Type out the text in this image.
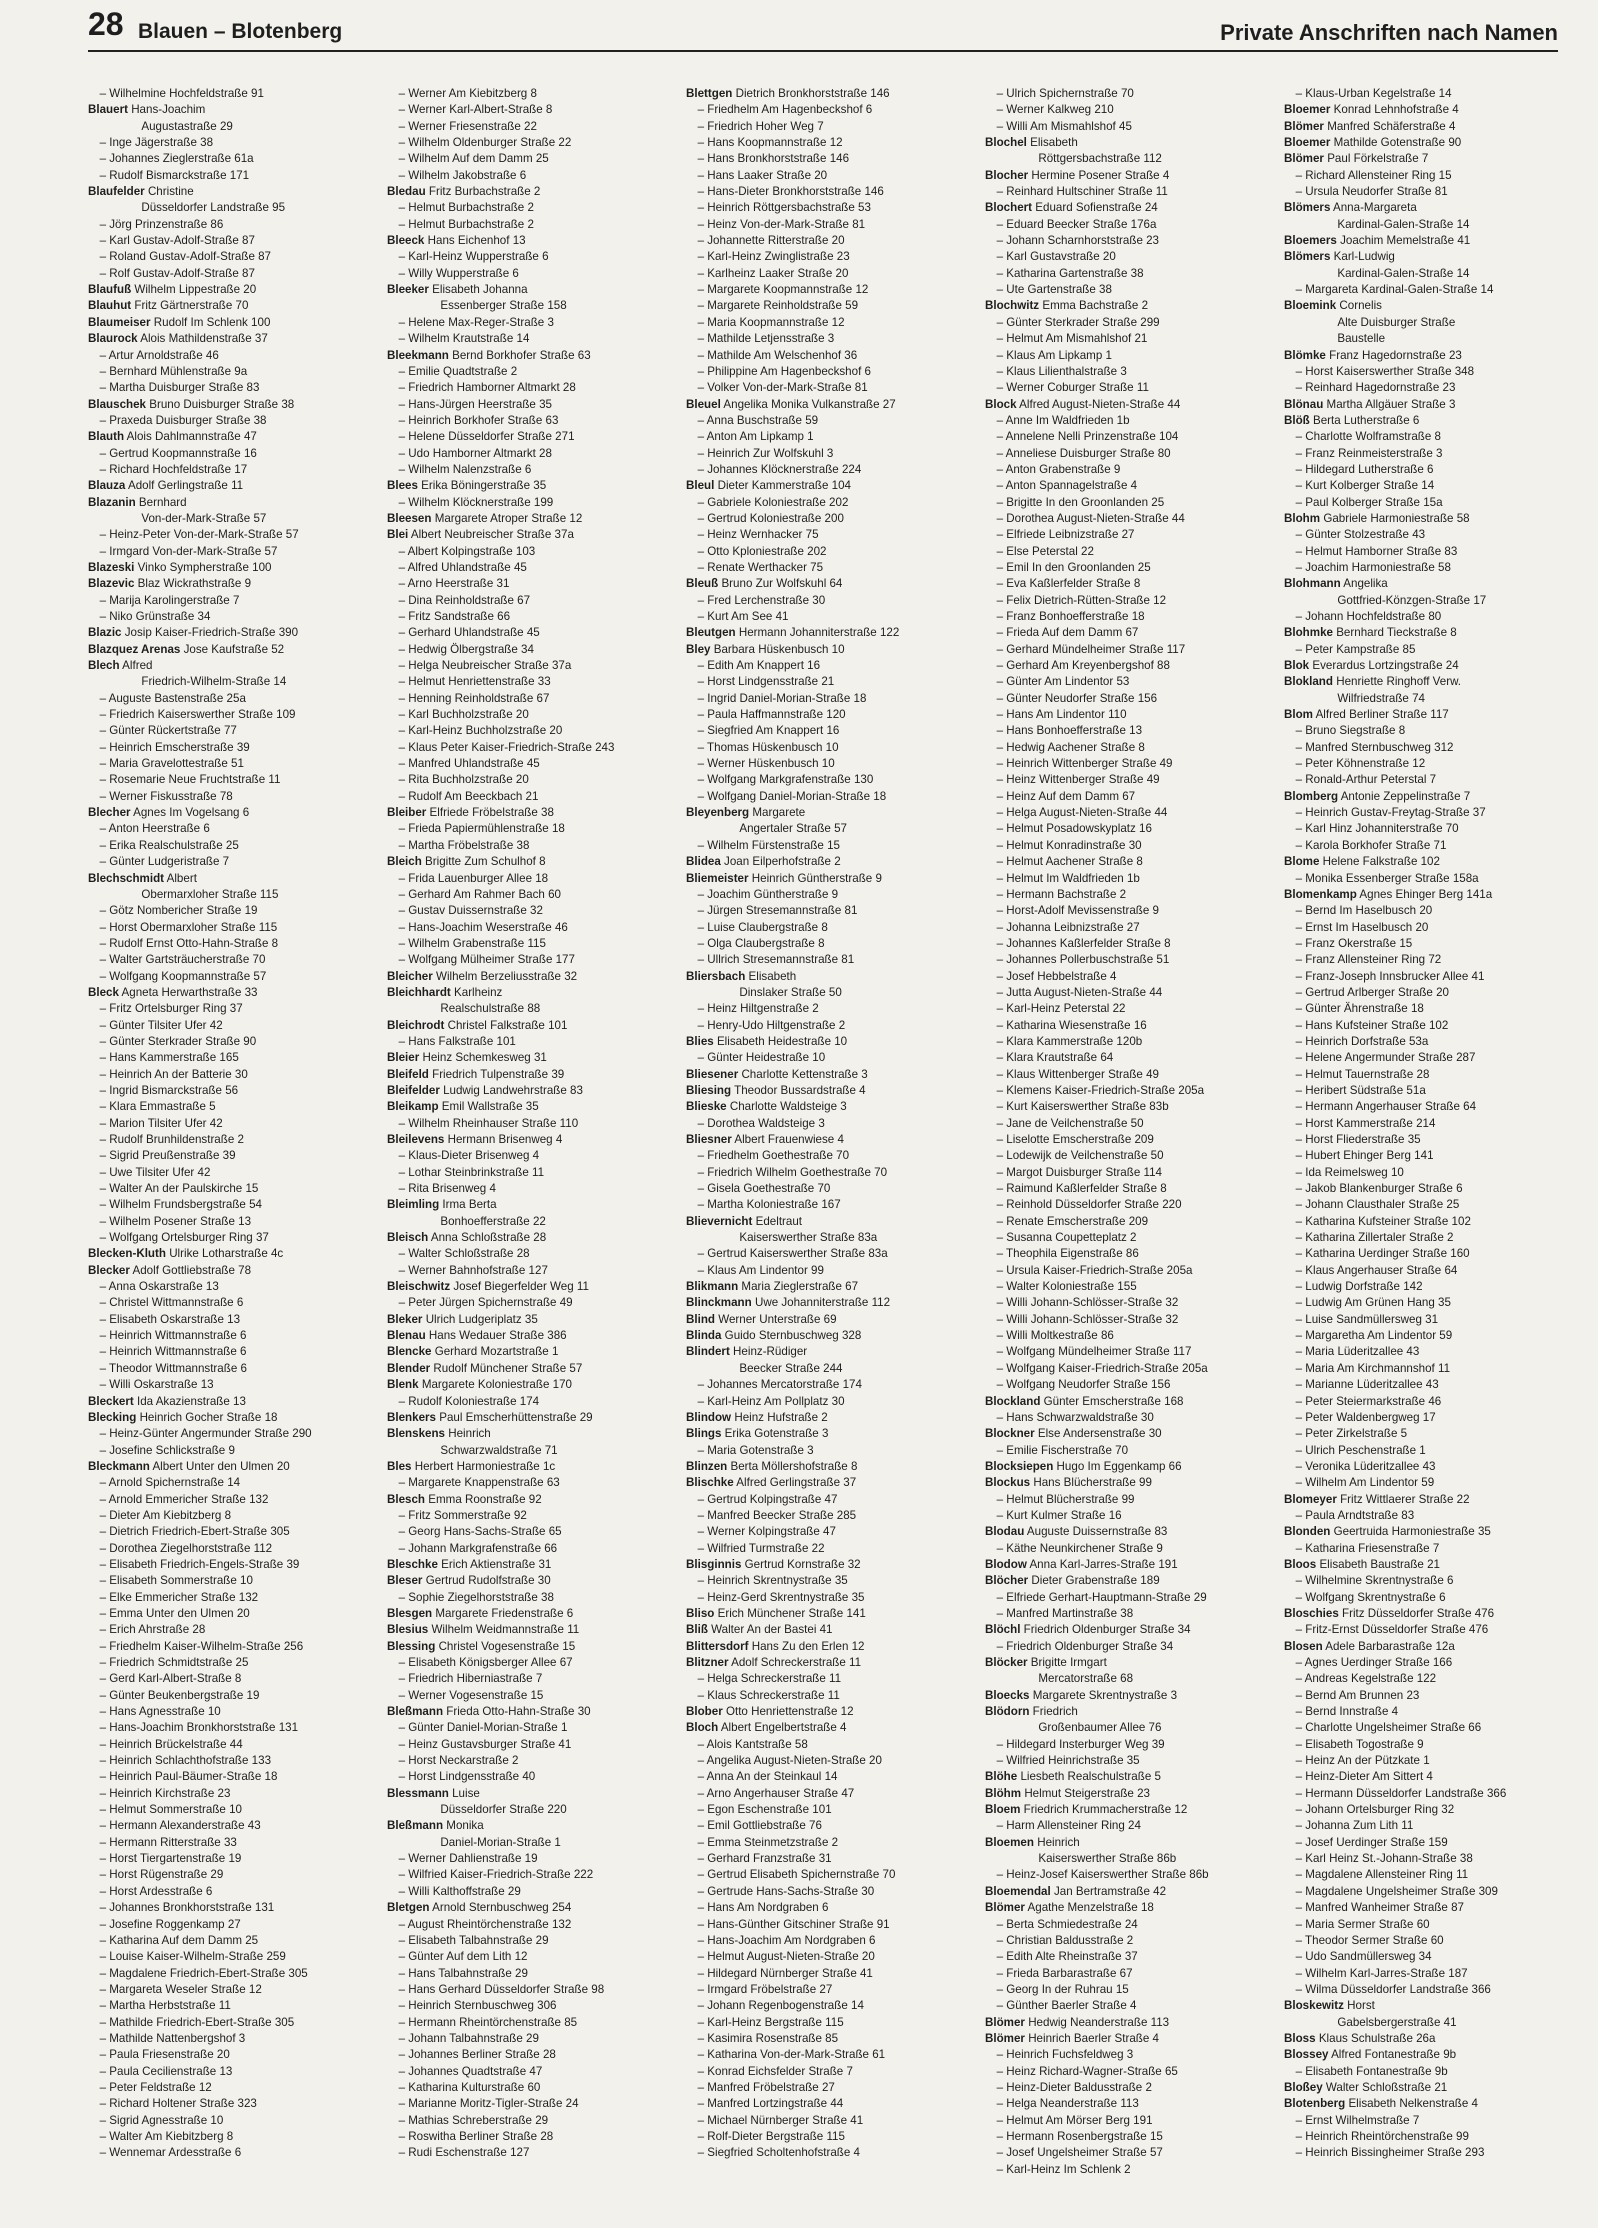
28 Blauen – Blotenberg	Private Anschriften nach Namen

– Wilhelmine Hochfeldstraße 91

Blauert Hans-Joachim

Augustastraße 29

– Inge Jägerstraße 38

– Johannes Zieglerstraße 61a

– Rudolf Bismarckstraße 171

Blaufelder Christine

Düsseldorfer Landstraße 95

– Jörg Prinzenstraße 86

– Karl Gustav-Adolf-Straße 87

– Roland Gustav-Adolf-Straße 87

– Rolf Gustav-Adolf-Straße 87

Blaufuß Wilhelm Lippestraße 20

Blauhut Fritz Gärtnerstraße 70

Blaumeiser Rudolf Im Schlenk 100

Blaurock Alois Mathildenstraße 37

– Artur Arnoldstraße 46

– Bernhard Mühlenstraße 9a

– Martha Duisburger Straße 83

Blauschek Bruno Duisburger Straße 38

– Praxeda Duisburger Straße 38

Blauth Alois Dahlmannstraße 47

– Gertrud Koopmannstraße 16

– Richard Hochfeldstraße 17

Blauza Adolf Gerlingstraße 11

Blazanin Bernhard

Von-der-Mark-Straße 57

– Heinz-Peter Von-der-Mark-Straße 57

– Irmgard Von-der-Mark-Straße 57

Blazeski Vinko Sympherstraße 100

Blazevic Blaz Wickrathstraße 9

– Marija Karolingerstraße 7

– Niko Grünstraße 34

Blazic Josip Kaiser-Friedrich-Straße 390

Blazquez Arenas Jose Kaufstraße 52

Blech Alfred

Friedrich-Wilhelm-Straße 14

– Auguste Bastenstraße 25a

– Friedrich Kaiserswerther Straße 109

– Günter Rückertstraße 77

– Heinrich Emscherstraße 39

– Maria Gravelottestraße 51

– Rosemarie Neue Fruchtstraße 11

– Werner Fiskusstraße 78

Blecher Agnes Im Vogelsang 6

– Anton Heerstraße 6

– Erika Realschulstraße 25

– Günter Ludgeristraße 7

Blechschmidt Albert

Obermarxloher Straße 115

– Götz Nombericher Straße 19

– Horst Obermarxloher Straße 115

– Rudolf Ernst Otto-Hahn-Straße 8

– Walter Gartsträucherstraße 70

– Wolfgang Koopmannstraße 57

Bleck Agneta Herwarthstraße 33

– Fritz Ortelsburger Ring 37

– Günter Tilsiter Ufer 42

– Günter Sterkrader Straße 90

– Hans Kammerstraße 165

– Heinrich An der Batterie 30

– Ingrid Bismarckstraße 56

– Klara Emmastraße 5

– Marion Tilsiter Ufer 42

– Rudolf Brunhildenstraße 2

– Sigrid Preußenstraße 39

– Uwe Tilsiter Ufer 42

– Walter An der Paulskirche 15

– Wilhelm Frundsbergstraße 54

– Wilhelm Posener Straße 13

– Wolfgang Ortelsburger Ring 37

Blecken-Kluth Ulrike Lotharstraße 4c

Blecker Adolf Gottliebstraße 78

– Anna Oskarstraße 13

– Christel Wittmannstraße 6

– Elisabeth Oskarstraße 13

– Heinrich Wittmannstraße 6

– Heinrich Wittmannstraße 6

– Theodor Wittmannstraße 6

– Willi Oskarstraße 13

Bleckert Ida Akazienstraße 13

Blecking Heinrich Gocher Straße 18

– Heinz-Günter Angermunder Straße 290

– Josefine Schlickstraße 9

Bleckmann Albert Unter den Ulmen 20

– Arnold Spichernstraße 14

– Arnold Emmericher Straße 132

– Dieter Am Kiebitzberg 8

– Dietrich Friedrich-Ebert-Straße 305

– Dorothea Ziegelhorststraße 112

– Elisabeth Friedrich-Engels-Straße 39

– Elisabeth Sommerstraße 10

– Elke Emmericher Straße 132

– Emma Unter den Ulmen 20

– Erich Ahrstraße 28

– Friedhelm Kaiser-Wilhelm-Straße 256

– Friedrich Schmidtstraße 25

– Gerd Karl-Albert-Straße 8

– Günter Beukenbergstraße 19

– Hans Agnesstraße 10

– Hans-Joachim Bronkhorststraße 131

– Heinrich Brückelstraße 44

– Heinrich Schlachthofstraße 133

– Heinrich Paul-Bäumer-Straße 18

– Heinrich Kirchstraße 23

– Helmut Sommerstraße 10

– Hermann Alexanderstraße 43

– Hermann Ritterstraße 33

– Horst Tiergartenstraße 19

– Horst Rügenstraße 29

– Horst Ardesstraße 6

– Johannes Bronkhorststraße 131

– Josefine Roggenkamp 27

– Katharina Auf dem Damm 25

– Louise Kaiser-Wilhelm-Straße 259

– Magdalene Friedrich-Ebert-Straße 305

– Margareta Weseler Straße 12

– Martha Herbststraße 11

– Mathilde Friedrich-Ebert-Straße 305

– Mathilde Nattenbergshof 3

– Paula Friesenstraße 20

– Paula Cecilienstraße 13

– Peter Feldstraße 12

– Richard Holtener Straße 323

– Sigrid Agnesstraße 10

– Walter Am Kiebitzberg 8

– Wennemar Ardesstraße 6

– Werner Am Kiebitzberg 8

– Werner Karl-Albert-Straße 8

– Werner Friesenstraße 22

– Wilhelm Oldenburger Straße 22

– Wilhelm Auf dem Damm 25

– Wilhelm Jakobstraße 6

Bledau Fritz Burbachstraße 2

– Helmut Burbachstraße 2

– Helmut Burbachstraße 2

Bleeck Hans Eichenhof 13

– Karl-Heinz Wupperstraße 6

– Willy Wupperstraße 6

Bleeker Elisabeth Johanna

Essenberger Straße 158

– Helene Max-Reger-Straße 3

– Wilhelm Krautstraße 14

Bleekmann Bernd Borkhofer Straße 63

– Emilie Quadtstraße 2

– Friedrich Hamborner Altmarkt 28

– Hans-Jürgen Heerstraße 35

– Heinrich Borkhofer Straße 63

– Helene Düsseldorfer Straße 271

– Udo Hamborner Altmarkt 28

– Wilhelm Nalenzstraße 6

Blees Erika Böningerstraße 35

– Wilhelm Klöcknerstraße 199

Bleesen Margarete Atroper Straße 12

Blei Albert Neubreischer Straße 37a

– Albert Kolpingstraße 103

– Alfred Uhlandstraße 45

– Arno Heerstraße 31

– Dina Reinholdstraße 67

– Fritz Sandstraße 66

– Gerhard Uhlandstraße 45

– Hedwig Ölbergstraße 34

– Helga Neubreischer Straße 37a

– Helmut Henriettenstraße 33

– Henning Reinholdstraße 67

– Karl Buchholzstraße 20

– Karl-Heinz Buchholzstraße 20

– Klaus Peter Kaiser-Friedrich-Straße 243

– Manfred Uhlandstraße 45

– Rita Buchholzstraße 20

– Rudolf Am Beeckbach 21

Bleiber Elfriede Fröbelstraße 38

– Frieda Papiermühlenstraße 18

– Martha Fröbelstraße 38

Bleich Brigitte Zum Schulhof 8

– Frida Lauenburger Allee 18

– Gerhard Am Rahmer Bach 60

– Gustav Duissernstraße 32

– Hans-Joachim Weserstraße 46

– Wilhelm Grabenstraße 115

– Wolfgang Mülheimer Straße 177

Bleicher Wilhelm Berzeliusstraße 32

Bleichhardt Karlheinz

Realschulstraße 88

Bleichrodt Christel Falkstraße 101

– Hans Falkstraße 101

Bleier Heinz Schemkesweg 31

Bleifeld Friedrich Tulpenstraße 39

Bleifelder Ludwig Landwehrstraße 83

Bleikamp Emil Wallstraße 35

– Wilhelm Rheinhauser Straße 110

Bleilevens Hermann Brisenweg 4

– Klaus-Dieter Brisenweg 4

– Lothar Steinbrinkstraße 11

– Rita Brisenweg 4

Bleimling Irma Berta

Bonhoefferstraße 22

Bleisch Anna Schloßstraße 28

– Walter Schloßstraße 28

– Werner Bahnhofstraße 127

Bleischwitz Josef Biegerfelder Weg 11

– Peter Jürgen Spichernstraße 49

Bleker Ulrich Ludgeriplatz 35

Blenau Hans Wedauer Straße 386

Blencke Gerhard Mozartstraße 1

Blender Rudolf Münchener Straße 57

Blenk Margarete Koloniestraße 170

– Rudolf Koloniestraße 174

Blenkers Paul Emscherhüttenstraße 29

Blenskens Heinrich

Schwarzwaldstraße 71

Bles Herbert Harmoniestraße 1c

– Margarete Knappenstraße 63

Blesch Emma Roonstraße 92

– Fritz Sommerstraße 92

– Georg Hans-Sachs-Straße 65

– Johann Markgrafenstraße 66

Bleschke Erich Aktienstraße 31

Bleser Gertrud Rudolfstraße 30

– Sophie Ziegelhorststraße 38

Blesgen Margarete Friedenstraße 6

Blesius Wilhelm Weidmannstraße 11

Blessing Christel Vogesenstraße 15

– Elisabeth Königsberger Allee 67

– Friedrich Hiberniastraße 7

– Werner Vogesenstraße 15

Bleßmann Frieda Otto-Hahn-Straße 30

– Günter Daniel-Morian-Straße 1

– Heinz Gustavsburger Straße 41

– Horst Neckarstraße 2

– Horst Lindgensstraße 40

Blessmann Luise

Düsseldorfer Straße 220

Bleßmann Monika

Daniel-Morian-Straße 1

– Werner Dahlienstraße 19

– Wilfried Kaiser-Friedrich-Straße 222

– Willi Kalthoffstraße 29

Bletgen Arnold Sternbuschweg 254

– August Rheintörchenstraße 132

– Elisabeth Talbahnstraße 29

– Günter Auf dem Lith 12

– Hans Talbahnstraße 29

– Hans Gerhard Düsseldorfer Straße 98

– Heinrich Sternbuschweg 306

– Hermann Rheintörchenstraße 85

– Johann Talbahnstraße 29

– Johannes Berliner Straße 28

– Johannes Quadtstraße 47

– Katharina Kulturstraße 60

– Marianne Moritz-Tigler-Straße 24

– Mathias Schreberstraße 29

– Roswitha Berliner Straße 28

– Rudi Eschenstraße 127

Blettgen Dietrich Bronkhorststraße 146

– Friedhelm Am Hagenbeckshof 6

– Friedrich Hoher Weg 7

– Hans Koopmannstraße 12

– Hans Bronkhorststraße 146

– Hans Laaker Straße 20

– Hans-Dieter Bronkhorststraße 146

– Heinrich Röttgersbachstraße 53

– Heinz Von-der-Mark-Straße 81

– Johannette Ritterstraße 20

– Karl-Heinz Zwinglistraße 23

– Karlheinz Laaker Straße 20

– Margarete Koopmannstraße 12

– Margarete Reinholdstraße 59

– Maria Koopmannstraße 12

– Mathilde Letjensstraße 3

– Mathilde Am Welschenhof 36

– Philippine Am Hagenbeckshof 6

– Volker Von-der-Mark-Straße 81

Bleuel Angelika Monika Vulkanstraße 27

– Anna Buschstraße 59

– Anton Am Lipkamp 1

– Heinrich Zur Wolfskuhl 3

– Johannes Klöcknerstraße 224

Bleul Dieter Kammerstraße 104

– Gabriele Koloniestraße 202

– Gertrud Koloniestraße 200

– Heinz Wernhacker 75

– Otto Kploniestraße 202

– Renate Werthacker 75

Bleuß Bruno Zur Wolfskuhl 64

– Fred Lerchenstraße 30

– Kurt Am See 41

Bleutgen Hermann Johanniterstraße 122

Bley Barbara Hüskenbusch 10

– Edith Am Knappert 16

– Horst Lindgensstraße 21

– Ingrid Daniel-Morian-Straße 18

– Paula Haffmannstraße 120

– Siegfried Am Knappert 16

– Thomas Hüskenbusch 10

– Werner Hüskenbusch 10

– Wolfgang Markgrafenstraße 130

– Wolfgang Daniel-Morian-Straße 18

Bleyenberg Margarete

Angertaler Straße 57

– Wilhelm Fürstenstraße 15

Blidea Joan Eilperhofstraße 2

Bliemeister Heinrich Güntherstraße 9

– Joachim Güntherstraße 9

– Jürgen Stresemannstraße 81

– Luise Claubergstraße 8

– Olga Claubergstraße 8

– Ullrich Stresemannstraße 81

Bliersbach Elisabeth

Dinslaker Straße 50

– Heinz Hiltgenstraße 2

– Henry-Udo Hiltgenstraße 2

Blies Elisabeth Heidestraße 10

– Günter Heidestraße 10

Bliesener Charlotte Kettenstraße 3

Bliesing Theodor Bussardstraße 4

Blieske Charlotte Waldsteige 3

– Dorothea Waldsteige 3

Bliesner Albert Frauenwiese 4

– Friedhelm Goethestraße 70

– Friedrich Wilhelm Goethestraße 70

– Gisela Goethestraße 70

– Martha Koloniestraße 167

Blievernicht Edeltraut

Kaiserswerther Straße 83a

– Gertrud Kaiserswerther Straße 83a

– Klaus Am Lindentor 99

Blikmann Maria Zieglerstraße 67

Blinckmann Uwe Johanniterstraße 112

Blind Werner Unterstraße 69

Blinda Guido Sternbuschweg 328

Blindert Heinz-Rüdiger

Beecker Straße 244

– Johannes Mercatorstraße 174

– Karl-Heinz Am Pollplatz 30

Blindow Heinz Hufstraße 2

Blings Erika Gotenstraße 3

– Maria Gotenstraße 3

Blinzen Berta Möllershofstraße 8

Blischke Alfred Gerlingstraße 37

– Gertrud Kolpingstraße 47

– Manfred Beecker Straße 285

– Werner Kolpingstraße 47

– Wilfried Turmstraße 22

Blisginnis Gertrud Kornstraße 32

– Heinrich Skrentnystraße 35

– Heinz-Gerd Skrentnystraße 35

Bliso Erich Münchener Straße 141

Bliß Walter An der Bastei 41

Blittersdorf Hans Zu den Erlen 12

Blitzner Adolf Schreckerstraße 11

– Helga Schreckerstraße 11

– Klaus Schreckerstraße 11

Blober Otto Henriettenstraße 12

Bloch Albert Engelbertstraße 4

– Alois Kantstraße 58

– Angelika August-Nieten-Straße 20

– Anna An der Steinkaul 14

– Arno Angerhauser Straße 47

– Egon Eschenstraße 101

– Emil Gottliebstraße 76

– Emma Steinmetzstraße 2

– Gerhard Franzstraße 31

– Gertrud Elisabeth Spichernstraße 70

– Gertrude Hans-Sachs-Straße 30

– Hans Am Nordgraben 6

– Hans-Günther Gitschiner Straße 91

– Hans-Joachim Am Nordgraben 6

– Helmut August-Nieten-Straße 20

– Hildegard Nürnberger Straße 41

– Irmgard Fröbelstraße 27

– Johann Regenbogenstraße 14

– Karl-Heinz Bergstraße 115

– Kasimira Rosenstraße 85

– Katharina Von-der-Mark-Straße 61

– Konrad Eichsfelder Straße 7

– Manfred Fröbelstraße 27

– Manfred Lortzingstraße 44

– Michael Nürnberger Straße 41

– Rolf-Dieter Bergstraße 115

– Siegfried Scholtenhofstraße 4

– Ulrich Spichernstraße 70

– Werner Kalkweg 210

– Willi Am Mismahlshof 45

Blochel Elisabeth

Röttgersbachstraße 112

Blocher Hermine Posener Straße 4

– Reinhard Hultschiner Straße 11

Blochert Eduard Sofienstraße 24

– Eduard Beecker Straße 176a

– Johann Scharnhorststraße 23

– Karl Gustavstraße 20

– Katharina Gartenstraße 38

– Ute Gartenstraße 38

Blochwitz Emma Bachstraße 2

– Günter Sterkrader Straße 299

– Helmut Am Mismahlshof 21

– Klaus Am Lipkamp 1

– Klaus Lilienthalstraße 3

– Werner Coburger Straße 11

Block Alfred August-Nieten-Straße 44

– Anne Im Waldfrieden 1b

– Annelene Nelli Prinzenstraße 104

– Anneliese Duisburger Straße 80

– Anton Grabenstraße 9

– Anton Spannagelstraße 4

– Brigitte In den Groonlanden 25

– Dorothea August-Nieten-Straße 44

– Elfriede Leibnizstraße 27

– Else Peterstal 22

– Emil In den Groonlanden 25

– Eva Kaßlerfelder Straße 8

– Felix Dietrich-Rütten-Straße 12

– Franz Bonhoefferstraße 18

– Frieda Auf dem Damm 67

– Gerhard Mündelheimer Straße 117

– Gerhard Am Kreyenbergshof 88

– Günter Am Lindentor 53

– Günter Neudorfer Straße 156

– Hans Am Lindentor 110

– Hans Bonhoefferstraße 13

– Hedwig Aachener Straße 8

– Heinrich Wittenberger Straße 49

– Heinz Wittenberger Straße 49

– Heinz Auf dem Damm 67

– Helga August-Nieten-Straße 44

– Helmut Posadowskyplatz 16

– Helmut Konradinstraße 30

– Helmut Aachener Straße 8

– Helmut Im Waldfrieden 1b

– Hermann Bachstraße 2

– Horst-Adolf Mevissenstraße 9

– Johanna Leibnizstraße 27

– Johannes Kaßlerfelder Straße 8

– Johannes Pollerbuschstraße 51

– Josef Hebbelstraße 4

– Jutta August-Nieten-Straße 44

– Karl-Heinz Peterstal 22

– Katharina Wiesenstraße 16

– Klara Kammerstraße 120b

– Klara Krautstraße 64

– Klaus Wittenberger Straße 49

– Klemens Kaiser-Friedrich-Straße 205a

– Kurt Kaiserswerther Straße 83b

– Jane de Veilchenstraße 50

– Liselotte Emscherstraße 209

– Lodewijk de Veilchenstraße 50

– Margot Duisburger Straße 114

– Raimund Kaßlerfelder Straße 8

– Reinhold Düsseldorfer Straße 220

– Renate Emscherstraße 209

– Susanna Coupetteplatz 2

– Theophila Eigenstraße 86

– Ursula Kaiser-Friedrich-Straße 205a

– Walter Koloniestraße 155

– Willi Johann-Schlösser-Straße 32

– Willi Johann-Schlösser-Straße 32

– Willi Moltkestraße 86

– Wolfgang Mündelheimer Straße 117

– Wolfgang Kaiser-Friedrich-Straße 205a

– Wolfgang Neudorfer Straße 156

Blockland Günter Emscherstraße 168

– Hans Schwarzwaldstraße 30

Blockner Else Andersenstraße 30

– Emilie Fischerstraße 70

Blocksiepen Hugo Im Eggenkamp 66

Blockus Hans Blücherstraße 99

– Helmut Blücherstraße 99

– Kurt Kulmer Straße 16

Blodau Auguste Duissernstraße 83

– Käthe Neunkirchener Straße 9

Blodow Anna Karl-Jarres-Straße 191

Blöcher Dieter Grabenstraße 189

– Elfriede Gerhart-Hauptmann-Straße 29

– Manfred Martinstraße 38

Blöchl Friedrich Oldenburger Straße 34

– Friedrich Oldenburger Straße 34

Blöcker Brigitte Irmgart

Mercatorstraße 68

Bloecks Margarete Skrentnystraße 3

Blödorn Friedrich

Großenbaumer Allee 76

– Hildegard Insterburger Weg 39

– Wilfried Heinrichstraße 35

Blöhe Liesbeth Realschulstraße 5

Blöhm Helmut Steigerstraße 23

Bloem Friedrich Krummacherstraße 12

– Harm Allensteiner Ring 24

Bloemen Heinrich

Kaiserswerther Straße 86b

– Heinz-Josef Kaiserswerther Straße 86b

Bloemendal Jan Bertramstraße 42

Blömer Agathe Menzelstraße 18

– Berta Schmiedestraße 24

– Christian Baldusstraße 2

– Edith Alte Rheinstraße 37

– Frieda Barbarastraße 67

– Georg In der Ruhrau 15

– Günther Baerler Straße 4

Blömer Hedwig Neanderstraße 113

Blömer Heinrich Baerler Straße 4

– Heinrich Fuchsfeldweg 3

– Heinz Richard-Wagner-Straße 65

– Heinz-Dieter Baldusstraße 2

– Helga Neanderstraße 113

– Helmut Am Mörser Berg 191

– Hermann Rosenbergstraße 15

– Josef Ungelsheimer Straße 57

– Karl-Heinz Im Schlenk 2

– Klaus-Urban Kegelstraße 14

Bloemer Konrad Lehnhofstraße 4

Blömer Manfred Schäferstraße 4

Bloemer Mathilde Gotenstraße 90

Blömer Paul Förkelstraße 7

– Richard Allensteiner Ring 15

– Ursula Neudorfer Straße 81

Blömers Anna-Margareta

Kardinal-Galen-Straße 14

Bloemers Joachim Memelstraße 41

Blömers Karl-Ludwig

Kardinal-Galen-Straße 14

– Margareta Kardinal-Galen-Straße 14

Bloemink Cornelis

Alte Duisburger Straße

Baustelle

Blömke Franz Hagedornstraße 23

– Horst Kaiserswerther Straße 348

– Reinhard Hagedornstraße 23

Blönau Martha Allgäuer Straße 3

Blöß Berta Lutherstraße 6

– Charlotte Wolframstraße 8

– Franz Reinmeisterstraße 3

– Hildegard Lutherstraße 6

– Kurt Kolberger Straße 14

– Paul Kolberger Straße 15a

Blohm Gabriele Harmoniestraße 58

– Günter Stolzestraße 43

– Helmut Hamborner Straße 83

– Joachim Harmoniestraße 58

Blohmann Angelika

Gottfried-Könzgen-Straße 17

– Johann Hochfeldstraße 80

Blohmke Bernhard Tieckstraße 8

– Peter Kampstraße 85

Blok Everardus Lortzingstraße 24

Blokland Henriette Ringhoff Verw.

Wilfriedstraße 74

Blom Alfred Berliner Straße 117

– Bruno Siegstraße 8

– Manfred Sternbuschweg 312

– Peter Köhnenstraße 12

– Ronald-Arthur Peterstal 7

Blomberg Antonie Zeppelinstraße 7

– Heinrich Gustav-Freytag-Straße 37

– Karl Hinz Johanniterstraße 70

– Karola Borkhofer Straße 71

Blome Helene Falkstraße 102

– Monika Essenberger Straße 158a

Blomenkamp Agnes Ehinger Berg 141a

– Bernd Im Haselbusch 20

– Ernst Im Haselbusch 20

– Franz Okerstraße 15

– Franz Allensteiner Ring 72

– Franz-Joseph Innsbrucker Allee 41

– Gertrud Arlberger Straße 20

– Günter Ährenstraße 18

– Hans Kufsteiner Straße 102

– Heinrich Dorfstraße 53a

– Helene Angermunder Straße 287

– Helmut Tauernstraße 28

– Heribert Südstraße 51a

– Hermann Angerhauser Straße 64

– Horst Kammerstraße 214

– Horst Fliederstraße 35

– Hubert Ehinger Berg 141

– Ida Reimelsweg 10

– Jakob Blankenburger Straße 6

– Johann Clausthaler Straße 25

– Katharina Kufsteiner Straße 102

– Katharina Zillertaler Straße 2

– Katharina Uerdinger Straße 160

– Klaus Angerhauser Straße 64

– Ludwig Dorfstraße 142

– Ludwig Am Grünen Hang 35

– Luise Sandmüllersweg 31

– Margaretha Am Lindentor 59

– Maria Lüderitzallee 43

– Maria Am Kirchmannshof 11

– Marianne Lüderitzallee 43

– Peter Steiermarkstraße 46

– Peter Waldenbergweg 17

– Peter Zirkelstraße 5

– Ulrich Peschenstraße 1

– Veronika Lüderitzallee 43

– Wilhelm Am Lindentor 59

Blomeyer Fritz Wittlaerer Straße 22

– Paula Arndtstraße 83

Blonden Geertruida Harmoniestraße 35

– Katharina Friesenstraße 7

Bloos Elisabeth Baustraße 21

– Wilhelmine Skrentnystraße 6

– Wolfgang Skrentnystraße 6

Bloschies Fritz Düsseldorfer Straße 476

– Fritz-Ernst Düsseldorfer Straße 476

Blosen Adele Barbarastraße 12a

– Agnes Uerdinger Straße 166

– Andreas Kegelstraße 122

– Bernd Am Brunnen 23

– Bernd Innstraße 4

– Charlotte Ungelsheimer Straße 66

– Elisabeth Togostraße 9

– Heinz An der Pützkate 1

– Heinz-Dieter Am Sittert 4

– Hermann Düsseldorfer Landstraße 366

– Johann Ortelsburger Ring 32

– Johanna Zum Lith 11

– Josef Uerdinger Straße 159

– Karl Heinz St.-Johann-Straße 38

– Magdalene Allensteiner Ring 11

– Magdalene Ungelsheimer Straße 309

– Manfred Wanheimer Straße 87

– Maria Sermer Straße 60

– Theodor Sermer Straße 60

– Udo Sandmüllersweg 34

– Wilhelm Karl-Jarres-Straße 187

– Wilma Düsseldorfer Landstraße 366

Bloskewitz Horst

Gabelsbergerstraße 41

Bloss Klaus Schulstraße 26a

Blossey Alfred Fontanestraße 9b

– Elisabeth Fontanestraße 9b

Bloßey Walter Schloßstraße 21

Blotenberg Elisabeth Nelkenstraße 4

– Ernst Wilhelmstraße 7

– Heinrich Rheintörchenstraße 99

– Heinrich Bissingheimer Straße 293
